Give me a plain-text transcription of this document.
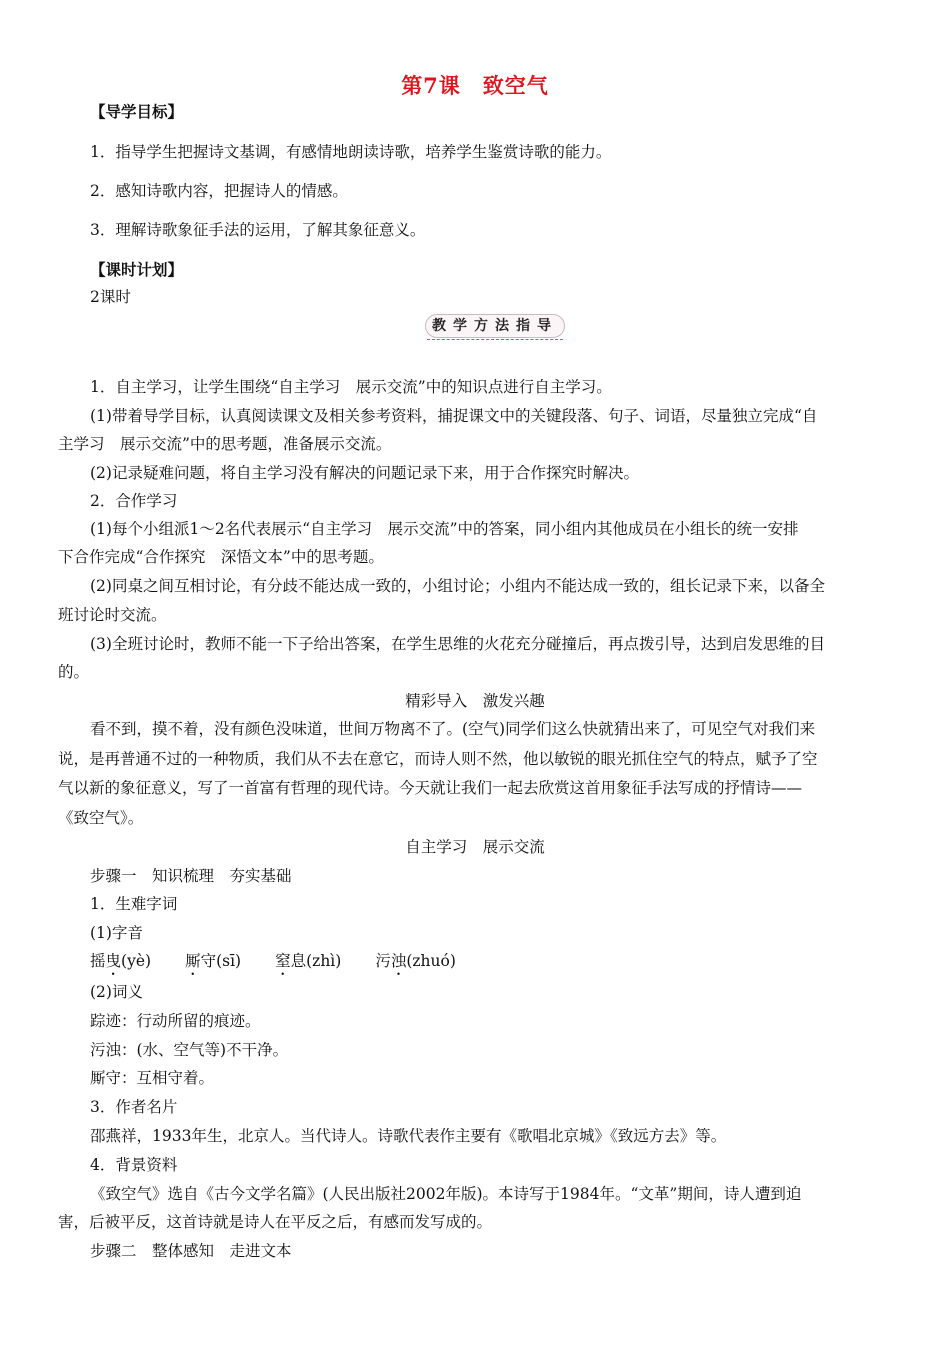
第7课　致空气
【导学目标】
1．指导学生把握诗文基调，有感情地朗读诗歌，培养学生鉴赏诗歌的能力。
2．感知诗歌内容，把握诗人的情感。
3．理解诗歌象征手法的运用，了解其象征意义。
【课时计划】
2课时
教学方法指导
1．自主学习，让学生围绕“自主学习　展示交流”中的知识点进行自主学习。
(1)带着导学目标，认真阅读课文及相关参考资料，捕捉课文中的关键段落、句子、词语，尽量独立完成“自
主学习　展示交流”中的思考题，准备展示交流。
(2)记录疑难问题，将自主学习没有解决的问题记录下来，用于合作探究时解决。
2．合作学习
(1)每个小组派1～2名代表展示“自主学习　展示交流”中的答案，同小组内其他成员在小组长的统一安排
下合作完成“合作探究　深悟文本”中的思考题。
(2)同桌之间互相讨论，有分歧不能达成一致的，小组讨论；小组内不能达成一致的，组长记录下来，以备全
班讨论时交流。
(3)全班讨论时，教师不能一下子给出答案，在学生思维的火花充分碰撞后，再点拨引导，达到启发思维的目
的。
精彩导入　激发兴趣
看不到，摸不着，没有颜色没味道，世间万物离不了。(空气)同学们这么快就猜出来了，可见空气对我们来
说，是再普通不过的一种物质，我们从不去在意它，而诗人则不然，他以敏锐的眼光抓住空气的特点，赋予了空
气以新的象征意义，写了一首富有哲理的现代诗。今天就让我们一起去欣赏这首用象征手法写成的抒情诗——
《致空气》。
自主学习　展示交流
步骤一　知识梳理　夯实基础
1．生难字词
(1)字音
摇曳(yè) 厮守(sī) 窒息(zhì) 污浊(zhuó)
(2)词义
踪迹：行动所留的痕迹。
污浊：(水、空气等)不干净。
厮守：互相守着。
3．作者名片
邵燕祥，1933年生，北京人。当代诗人。诗歌代表作主要有《歌唱北京城》《致远方去》等。
4．背景资料
《致空气》选自《古今文学名篇》(人民出版社2002年版)。本诗写于1984年。“文革”期间，诗人遭到迫
害，后被平反，这首诗就是诗人在平反之后，有感而发写成的。
步骤二　整体感知　走进文本
